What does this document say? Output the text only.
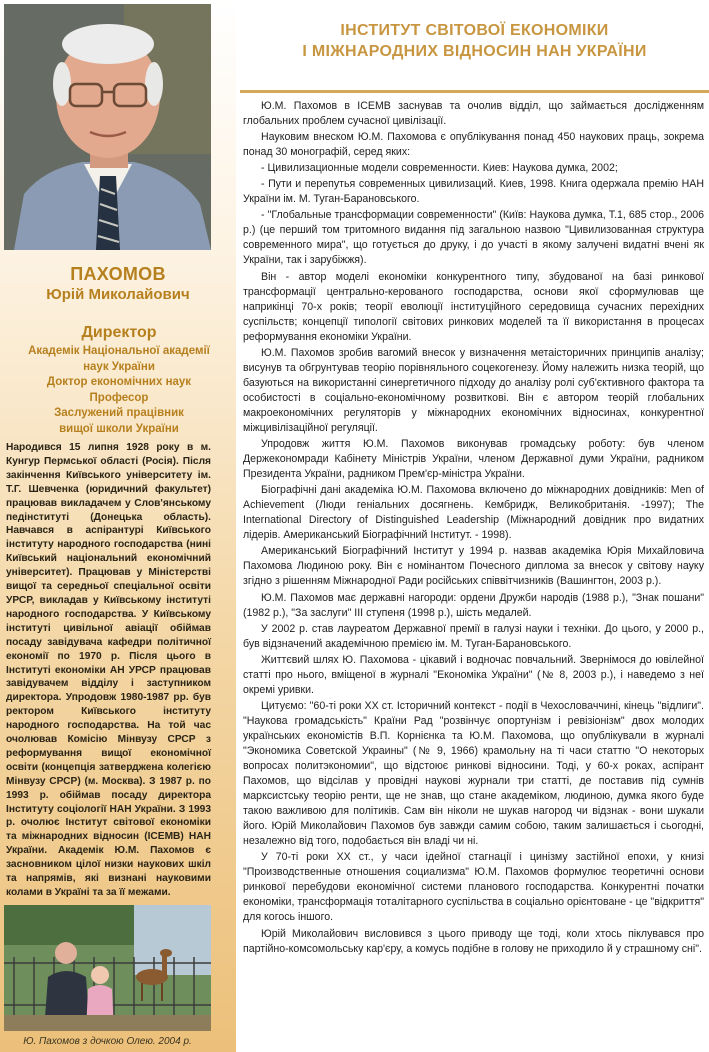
ПАХОМОВ
Юрій Миколайович
Директор
Академік Національної академії
наук України
Доктор економічних наук
Професор
Заслужений працівник
вищої школи України
Народився 15 липня 1928 року в м. Кунгур Пермської області (Росія). Після закінчення Київського університету ім. Т.Г. Шевченка (юридичний факультет) працював викладачем у Слов'янському педінституті (Донецька область). Навчався в аспірантурі Київського інституту народного господарства (нині Київський національний економічний університет). Працював у Міністерстві вищої та середньої спеціальної освіти УРСР, викладав у Київському інституті народного господарства. У Київському інституті цивільної авіації обіймав посаду завідувача кафедри політичної економії по 1970 р. Після цього в Інституті економіки АН УРСР працював завідувачем відділу і заступником директора. Упродовж 1980-1987 рр. був ректором Київського інституту народного господарства. На той час очолював Комісію Мінвузу СРСР з реформування вищої економічної освіти (концепція затверджена колегією Мінвузу СРСР) (м. Москва). З 1987 р. по 1993 р. обіймав посаду директора Інституту соціології НАН України. З 1993 р. очолює Інститут світової економіки та міжнародних відносин (ІСЕМВ) НАН України. Академік Ю.М. Пахомов є засновником цілої низки наукових шкіл та напрямів, які визнані науковими колами в Україні та за її межами.
Ю. Пахомов з дочкою Олею. 2004 р.
ІНСТИТУТ СВІТОВОЇ ЕКОНОМІКИ
І МІЖНАРОДНИХ ВІДНОСИН НАН УКРАЇНИ

Ю.М. Пахомов в ІСЕМВ заснував та очолив відділ, що займається дослідженням глобальних проблем сучасної цивілізації.

Науковим внеском Ю.М. Пахомова є опублікування понад 450 наукових праць, зокрема понад 30 монографій, серед яких:

- Цивилизационные модели современности. Киев: Наукова думка, 2002;

- Пути и перепутья современных цивилизаций. Киев, 1998. Книга одержала премію НАН України ім. М. Туган-Барановського.

- "Глобальные трансформации современности" (Київ: Наукова думка, Т.1, 685 стор., 2006 р.) (це перший том тритомного видання під загальною назвою "Цивилизованная структура современного мира", що готується до друку, і до участі в якому залучені видатні вчені як України, так і зарубіжжя).

Він - автор моделі економіки конкурентного типу, збудованої на базі ринкової трансформації центрально-керованого господарства, основи якої сформулював ще наприкінці 70-х років; теорії еволюції інституційного середовища сучасних перехідних суспільств; концепції типології світових ринкових моделей та її використання в процесах реформування економіки України.

Ю.М. Пахомов зробив вагомий внесок у визначення метаісторичних принципів аналізу; висунув та обгрунтував теорію порівняльного соцекогенезу. Йому належить низка теорій, що базуються на використанні синергетичного підходу до аналізу ролі суб'єктивного фактора та особистості в соціально-економічному розвиткові. Він є автором теорій глобальних макроекономічних регуляторів у міжнародних економічних відносинах, конкурентної міжцивілізаційної регуляції.

Упродовж життя Ю.М. Пахомов виконував громадську роботу: був членом Держекономради Кабінету Міністрів України, членом Державної думи України, радником Президента України, радником Прем'єр-міністра України.

Біографічні дані академіка Ю.М. Пахомова включено до міжнародних довідників: Men of Achievement (Люди геніальних досягнень. Кембридж, Великобританія. -1997); The International Directory of Distinguished Leadership (Міжнародний довідник про видатних лідерів. Американський Біографічний Інститут. - 1998).

Американський Біографічний Інститут у 1994 р. назвав академіка Юрія Михайловича Пахомова Людиною року. Він є номінантом Почесного диплома за внесок у світову науку згідно з рішенням Міжнародної Ради російських співвітчизників (Вашингтон, 2003 р.).

Ю.М. Пахомов має державні нагороди: ордени Дружби народів (1988 р.), "Знак пошани" (1982 р.), "За заслуги" ІІІ ступеня (1998 р.), шість медалей.

У 2002 р. став лауреатом Державної премії в галузі науки і техніки. До цього, у 2000 р., був відзначений академічною премією ім. М. Туган-Барановського.

Життєвий шлях Ю. Пахомова - цікавий і водночас повчальний. Звернімося до ювілейної статті про нього, вміщеної в журналі "Економіка України" (№ 8, 2003 р.), і наведемо з неї окремі уривки.

Цитуємо: "60-ті роки ХХ ст. Історичний контекст - події в Чехословаччині, кінець "відлиги". "Наукова громадськість" Країни Рад "розвінчує опортунізм і ревізіонізм" двох молодих українських економістів В.П. Корнієнка та Ю.М. Пахомова, що опублікували в журналі "Экономика Советской Украины" (№ 9, 1966) крамольну на ті часи статтю "О некоторых вопросах политэкономии", що відстоює ринкові відносини. Тоді, у 60-х роках, аспірант Пахомов, що відсілав у провідні наукові журнали три статті, де поставив під сумнів марксистську теорію ренти, ще не знав, що стане академіком, людиною, думка якого буде такою важливою для політиків. Сам він ніколи не шукав нагород чи відзнак - вони шукали його. Юрій Миколайович Пахомов був завжди самим собою, таким залишається і сьогодні, незалежно від того, подобається він владі чи ні.

У 70-ті роки ХХ ст., у часи ідейної стагнації і цинізму застійної епохи, у книзі "Производственные отношения социализма" Ю.М. Пахомов формулює теоретичні основи ринкової перебудови економічної системи планового господарства. Конкурентні початки економіки, трансформація тоталітарного суспільства в соціально орієнтоване - це "відкриття" для когось іншого.

Юрій Миколайович висловився з цього приводу ще тоді, коли хтось піклувався про партійно-комсомольську кар'єру, а комусь подібне в голову не приходило й у страшному сні".
